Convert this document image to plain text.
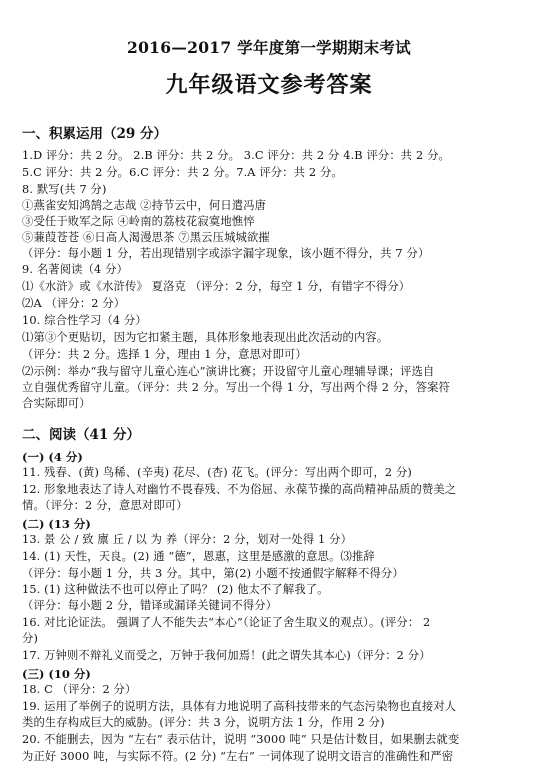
2016—2017 学年度第一学期期末考试
九年级语文参考答案
一、积累运用（29 分）
1.D 评分：共 2 分。 2.B 评分：共 2 分。 3.C 评分：共 2 分 4.B 评分：共 2 分。
5.C 评分：共 2 分。6.C 评分：共 2 分。7.A 评分：共 2 分。
8. 默写(共 7 分)
①燕雀安知鸿鹄之志哉 ②持节云中，何日遣冯唐
③受任于败军之际 ④岭南的荔枝花寂寞地憔悴
⑤蒹葭苍苍 ⑥日高人渴漫思茶 ⑦黑云压城城欲摧
（评分：每小题 1 分，若出现错别字或添字漏字现象，该小题不得分，共 7 分）
9. 名著阅读（4 分）
⑴《水浒》或《水浒传》 夏洛克 （评分：2 分，每空 1 分，有错字不得分）
⑵A （评分：2 分）
10. 综合性学习（4 分）
⑴第③个更贴切，因为它扣紧主题，具体形象地表现出此次活动的内容。
（评分：共 2 分。选择 1 分，理由 1 分，意思对即可）
⑵示例：举办“我与留守儿童心连心”演讲比赛；开设留守儿童心理辅导课；评选自
立自强优秀留守儿童。（评分：共 2 分。写出一个得 1 分，写出两个得 2 分，答案符
合实际即可）
二、阅读（41 分）
(一) (4 分)
11. 残春、(黄) 鸟稀、(辛夷) 花尽、(杏) 花飞。(评分：写出两个即可，2 分)
12. 形象地表达了诗人对幽竹不畏春残、不为俗屈、永葆节操的高尚精神品质的赞美之
情。（评分：2 分，意思对即可）
(二) (13 分)
13. 景 公 / 致 廪 丘 / 以 为 养（评分：2 分，划对一处得 1 分）
14. (1) 天性，天良。(2) 通 “德”，恩惠，这里是感激的意思。⑶推辞
（评分：每小题 1 分，共 3 分。其中，第(2) 小题不按通假字解释不得分）
15. (1) 这种做法不也可以停止了吗？ (2) 他太不了解我了。
（评分：每小题 2 分，错译或漏译关键词不得分）
16. 对比论证法。 强调了人不能失去“本心”（论证了舍生取义的观点）。(评分： 2
分)
17. 万钟则不辩礼义而受之，万钟于我何加焉！(此之谓失其本心)（评分：2 分）
(三) (10 分)
18. C （评分：2 分）
19. 运用了举例子的说明方法，具体有力地说明了高科技带来的气态污染物也直接对人
类的生存构成巨大的威胁。(评分：共 3 分，说明方法 1 分，作用 2 分)
20. 不能删去，因为 “左右” 表示估计，说明 “3000 吨” 只是估计数目，如果删去就变
为正好 3000 吨，与实际不符。(2 分) “左右” 一词体现了说明文语言的准确性和严密
